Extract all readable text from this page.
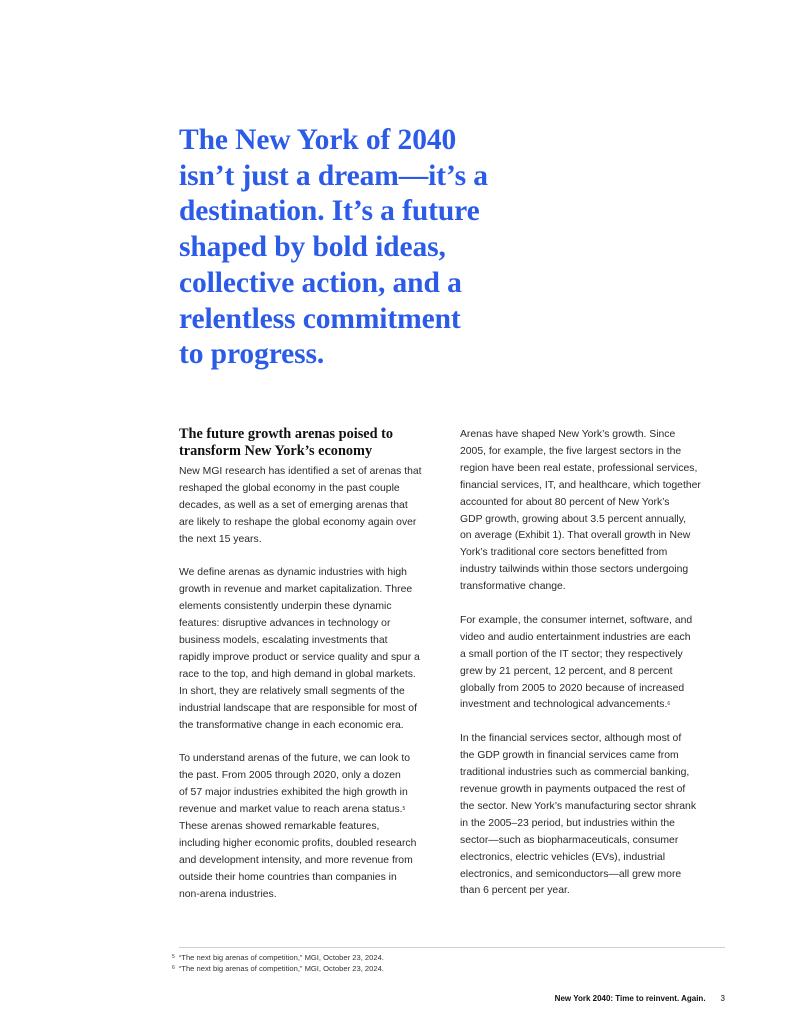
The New York of 2040
isn’t just a dream—it’s a
destination. It’s a future
shaped by bold ideas,
collective action, and a
relentless commitment
to progress.
The future growth arenas poised to
transform New York’s economy

New MGI research has identified a set of arenas that
reshaped the global economy in the past couple
decades, as well as a set of emerging arenas that
are likely to reshape the global economy again over
the next 15 years.

We define arenas as dynamic industries with high
growth in revenue and market capitalization. Three
elements consistently underpin these dynamic
features: disruptive advances in technology or
business models, escalating investments that
rapidly improve product or service quality and spur a
race to the top, and high demand in global markets.
In short, they are relatively small segments of the
industrial landscape that are responsible for most of
the transformative change in each economic era.

To understand arenas of the future, we can look to
the past. From 2005 through 2020, only a dozen
of 57 major industries exhibited the high growth in
revenue and market value to reach arena status.$^5$
These arenas showed remarkable features,
including higher economic profits, doubled research
and development intensity, and more revenue from
outside their home countries than companies in
non-arena industries.

Arenas have shaped New York’s growth. Since
2005, for example, the five largest sectors in the
region have been real estate, professional services,
financial services, IT, and healthcare, which together
accounted for about 80 percent of New York’s
GDP growth, growing about 3.5 percent annually,
on average (Exhibit 1). That overall growth in New
York’s traditional core sectors benefitted from
industry tailwinds within those sectors undergoing
transformative change.

For example, the consumer internet, software, and
video and audio entertainment industries are each
a small portion of the IT sector; they respectively
grew by 21 percent, 12 percent, and 8 percent
globally from 2005 to 2020 because of increased
investment and technological advancements.$^6$

In the financial services sector, although most of
the GDP growth in financial services came from
traditional industries such as commercial banking,
revenue growth in payments outpaced the rest of
the sector. New York’s manufacturing sector shrank
in the 2005–23 period, but industries within the
sector—such as biopharmaceuticals, consumer
electronics, electric vehicles (EVs), industrial
electronics, and semiconductors—all grew more
than 6 percent per year.

$^5$ “The next big arenas of competition,” MGI, October 23, 2024.
$^6$ “The next big arenas of competition,” MGI, October 23, 2024.
New York 2040: Time to reinvent. Again. 3
